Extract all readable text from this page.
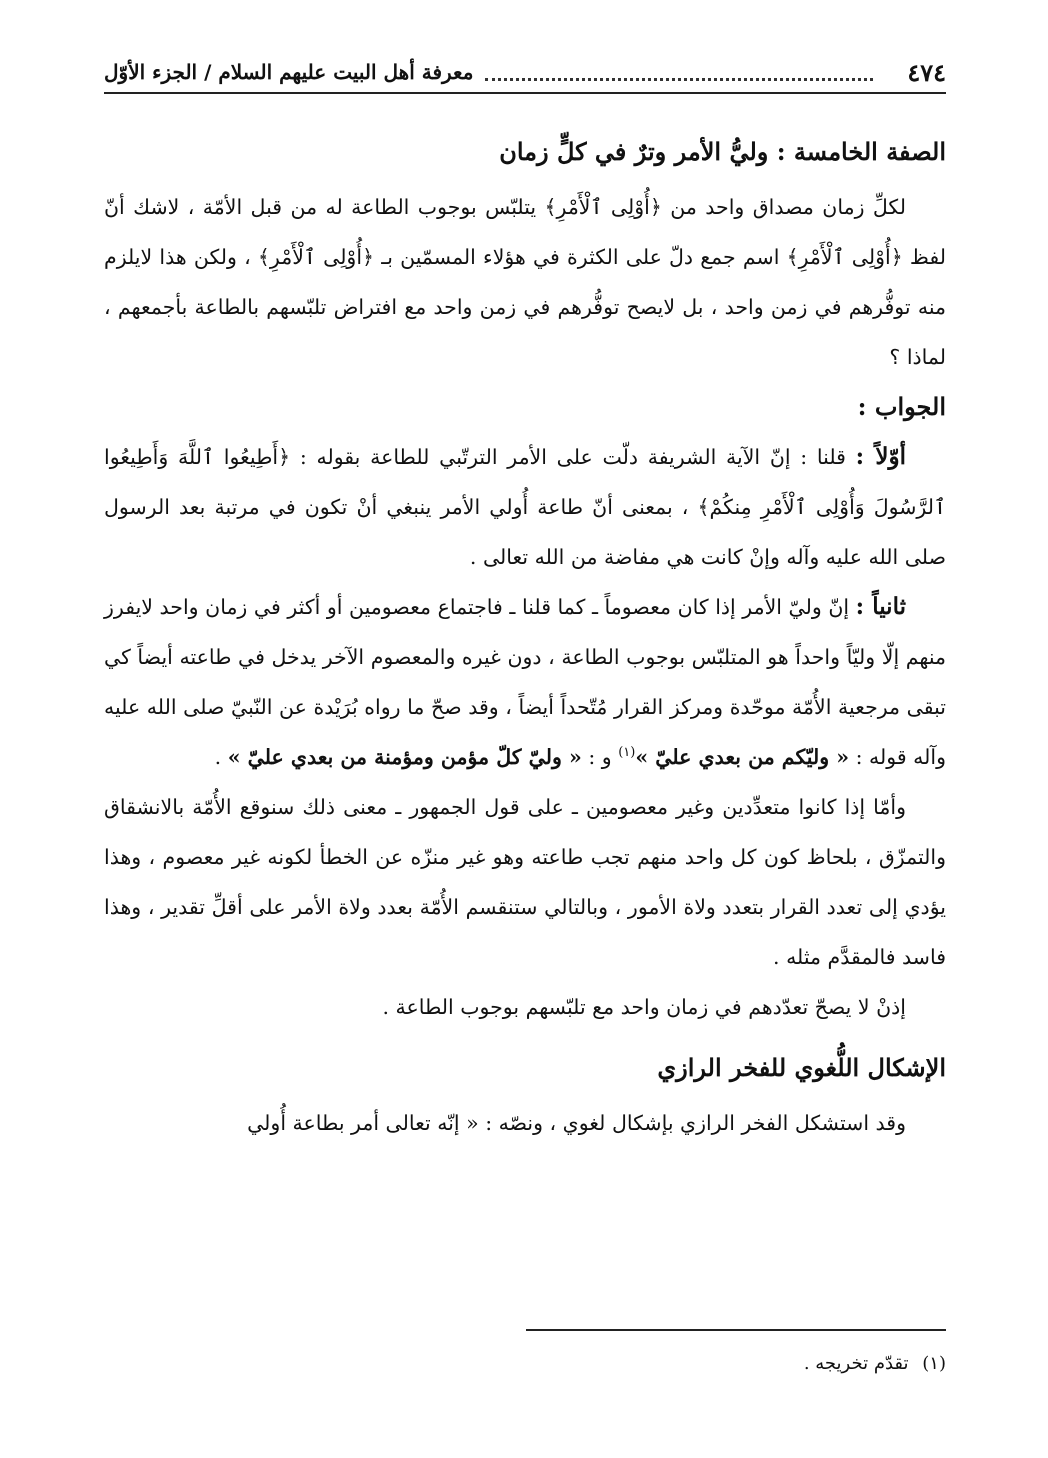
٤٧٤
معرفة أهل البيت عليهم السلام / الجزء الأوّل
الصفة الخامسة : وليُّ الأمر وترٌ في كلٍّ زمان

لكلِّ زمان مصداق واحد من ﴿أُوْلِى ٱلْأَمْرِ﴾ يتلبّس بوجوب الطاعة له من قبل الأمّة ، لاشك أنّ لفظ ﴿أُوْلِى ٱلْأَمْرِ﴾ اسم جمع دلّ على الكثرة في هؤلاء المسمّين بـ ﴿أُوْلِى ٱلْأَمْرِ﴾ ، ولكن هذا لايلزم منه توفُّرهم في زمن واحد ، بل لايصح توفُّرهم في زمن واحد مع افتراض تلبّسهم بالطاعة بأجمعهم ، لماذا ؟

الجواب :

أوّلاً : قلنا : إنّ الآية الشريفة دلّت على الأمر الترتّبي للطاعة بقوله : ﴿أَطِيعُوا ٱللَّهَ وَأَطِيعُوا ٱلرَّسُولَ وَأُوْلِى ٱلْأَمْرِ مِنكُمْ﴾ ، بمعنى أنّ طاعة أُولي الأمر ينبغي أنْ تكون في مرتبة بعد الرسول صلى الله عليه وآله وإنْ كانت هي مفاضة من الله تعالى .

ثانياً : إنّ وليّ الأمر إذا كان معصوماً ـ كما قلنا ـ فاجتماع معصومين أو أكثر في زمان واحد لايفرز منهم إلّا وليّاً واحداً هو المتلبّس بوجوب الطاعة ، دون غيره والمعصوم الآخر يدخل في طاعته أيضاً كي تبقى مرجعية الأُمّة موحّدة ومركز القرار مُتّحداً أيضاً ، وقد صحّ ما رواه بُرَيْدة عن النّبيّ صلى الله عليه وآله قوله : « وليّكم من بعدي عليّ »$^{(١)}$ و : « وليّ كلّ مؤمن ومؤمنة من بعدي عليّ » .

وأمّا إذا كانوا متعدِّدين وغير معصومين ـ على قول الجمهور ـ معنى ذلك سنوقع الأُمّة بالانشقاق والتمزّق ، بلحاظ كون كل واحد منهم تجب طاعته وهو غير منزّه عن الخطأ لكونه غير معصوم ، وهذا يؤدي إلى تعدد القرار بتعدد ولاة الأمور ، وبالتالي ستنقسم الأُمّة بعدد ولاة الأمر على أقلِّ تقدير ، وهذا فاسد فالمقدَّم مثله .

إذنْ لا يصحّ تعدّدهم في زمان واحد مع تلبّسهم بوجوب الطاعة .

الإشكال اللُّغوي للفخر الرازي

وقد استشكل الفخر الرازي بإشكال لغوي ، ونصّه : « إنّه تعالى أمر بطاعة أُولي

(١) تقدّم تخريجه .
